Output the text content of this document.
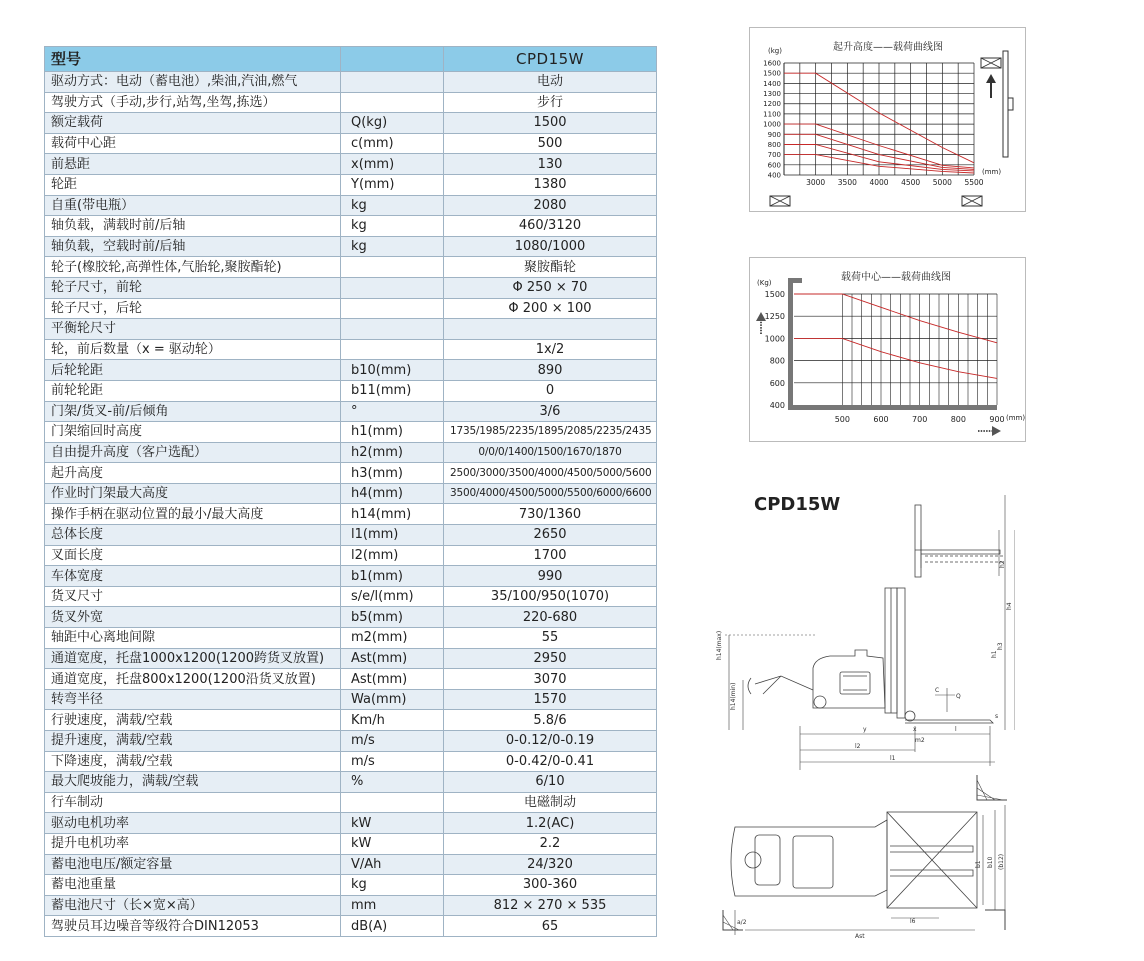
型号		CPD15W
驱动方式：电动（蓄电池）,柴油,汽油,燃气		电动
驾驶方式（手动,步行,站驾,坐驾,拣选）		步行
额定载荷	Q(kg)	1500
载荷中心距	c(mm)	500
前悬距	x(mm)	130
轮距	Y(mm)	1380
自重(带电瓶）	kg	2080
轴负载，满载时前/后轴	kg	460/3120
轴负载，空载时前/后轴	kg	1080/1000
轮子(橡胶轮,高弹性体,气胎轮,聚胺酯轮)		聚胺酯轮
轮子尺寸，前轮		Φ 250 × 70
轮子尺寸，后轮		Φ 200 × 100
平衡轮尺寸		
轮，前后数量（x = 驱动轮）		1x/2
后轮轮距	b10(mm)	890
前轮轮距	b11(mm)	0
门架/货叉-前/后倾角	°	3/6
门架缩回时高度	h1(mm)	1735/1985/2235/1895/2085/2235/2435
自由提升高度（客户选配）	h2(mm)	0/0/0/1400/1500/1670/1870
起升高度	h3(mm)	2500/3000/3500/4000/4500/5000/5600
作业时门架最大高度	h4(mm)	3500/4000/4500/5000/5500/6000/6600
操作手柄在驱动位置的最小/最大高度	h14(mm)	730/1360
总体长度	l1(mm)	2650
叉面长度	l2(mm)	1700
车体宽度	b1(mm)	990
货叉尺寸	s/e/l(mm)	35/100/950(1070)
货叉外宽	b5(mm)	220-680
轴距中心离地间隙	m2(mm)	55
通道宽度，托盘1000x1200(1200跨货叉放置)	Ast(mm)	2950
通道宽度，托盘800x1200(1200沿货叉放置)	Ast(mm)	3070
转弯半径	Wa(mm)	1570
行驶速度，满载/空载	Km/h	5.8/6
提升速度，满载/空载	m/s	0-0.12/0-0.19
下降速度，满载/空载	m/s	0-0.42/0-0.41
最大爬坡能力，满载/空载	%	6/10
行车制动		电磁制动
驱动电机功率	kW	1.2(AC)
提升电机功率	kW	2.2
蓄电池电压/额定容量	V/Ah	24/320
蓄电池重量	kg	300-360
蓄电池尺寸（长×宽×高）	mm	812 × 270 × 535
驾驶员耳边噪音等级符合DIN12053	dB(A)	65
起升高度——载荷曲线图
(kg)
(mm)
400
600
700
800
900
1000
1100
1200
1300
1400
1500
1600
3000 3500 4000 4500 5000 5500
载荷中心——载荷曲线图
(Kg)
(mm)
400
600
800
1000
1250
1500
500	600	700	800	900
CPD15W
h14(max)
h14(min)
h4
h3
h1
h2
C
Q
x
y
l2
l1
l
s
m2
b1 b10 (b12)
l6
Ast
a/2
